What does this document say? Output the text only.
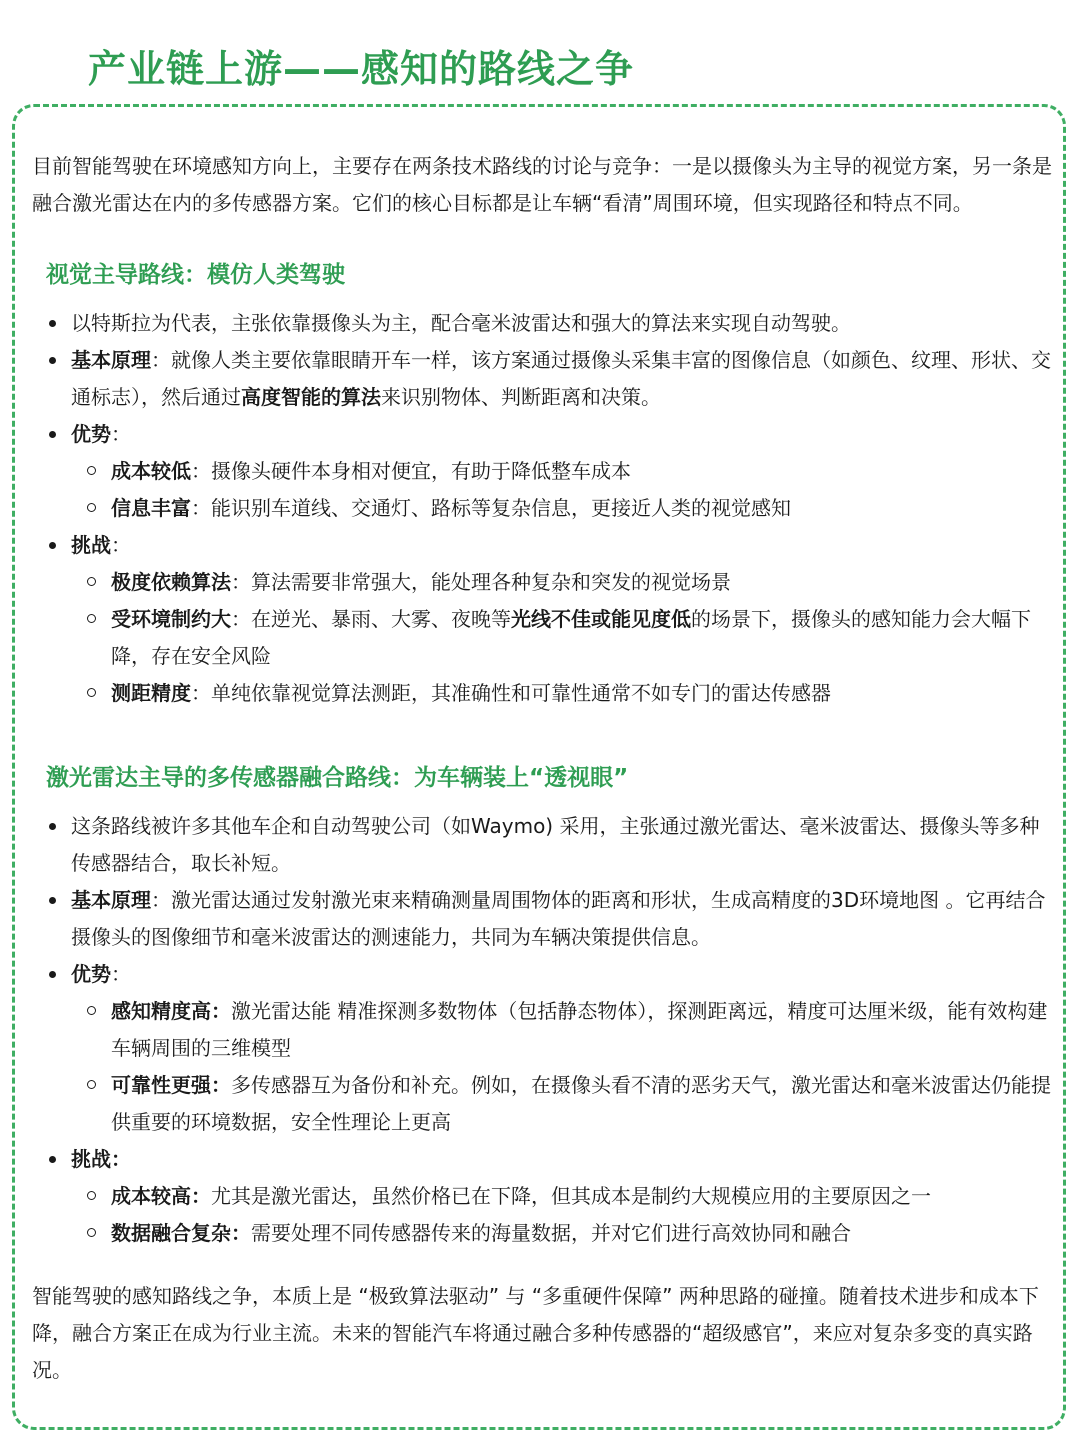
产业链上游——感知的路线之争

目前智能驾驶在环境感知方向上，主要存在两条技术路线的讨论与竞争：一是以摄像头为主导的视觉方案，另一条是融合激光雷达在内的多传感器方案。它们的核心目标都是让车辆“看清”周围环境，但实现路径和特点不同。

视觉主导路线：模仿人类驾驶
以特斯拉为代表，主张依靠摄像头为主，配合毫米波雷达和强大的算法来实现自动驾驶。
基本原理：就像人类主要依靠眼睛开车一样，该方案通过摄像头采集丰富的图像信息（如颜色、纹理、形状、交通标志），然后通过高度智能的算法来识别物体、判断距离和决策。
优势：
成本较低：摄像头硬件本身相对便宜，有助于降低整车成本
信息丰富：能识别车道线、交通灯、路标等复杂信息，更接近人类的视觉感知
挑战：
极度依赖算法：算法需要非常强大，能处理各种复杂和突发的视觉场景
受环境制约大：在逆光、暴雨、大雾、夜晚等光线不佳或能见度低的场景下，摄像头的感知能力会大幅下降，存在安全风险
测距精度：单纯依靠视觉算法测距，其准确性和可靠性通常不如专门的雷达传感器
激光雷达主导的多传感器融合路线：为车辆装上“透视眼”
这条路线被许多其他车企和自动驾驶公司（如Waymo) 采用，主张通过激光雷达、毫米波雷达、摄像头等多种传感器结合，取长补短。
基本原理：激光雷达通过发射激光束来精确测量周围物体的距离和形状，生成高精度的3D环境地图 。它再结合摄像头的图像细节和毫米波雷达的测速能力，共同为车辆决策提供信息。
优势：
感知精度高：激光雷达能 精准探测多数物体（包括静态物体），探测距离远，精度可达厘米级，能有效构建车辆周围的三维模型
可靠性更强：多传感器互为备份和补充。例如，在摄像头看不清的恶劣天气，激光雷达和毫米波雷达仍能提供重要的环境数据，安全性理论上更高
挑战：
成本较高：尤其是激光雷达，虽然价格已在下降，但其成本是制约大规模应用的主要原因之一
数据融合复杂：需要处理不同传感器传来的海量数据，并对它们进行高效协同和融合

智能驾驶的感知路线之争，本质上是 “极致算法驱动” 与 “多重硬件保障” 两种思路的碰撞。随着技术进步和成本下降，融合方案正在成为行业主流。未来的智能汽车将通过融合多种传感器的“超级感官”，来应对复杂多变的真实路况。
